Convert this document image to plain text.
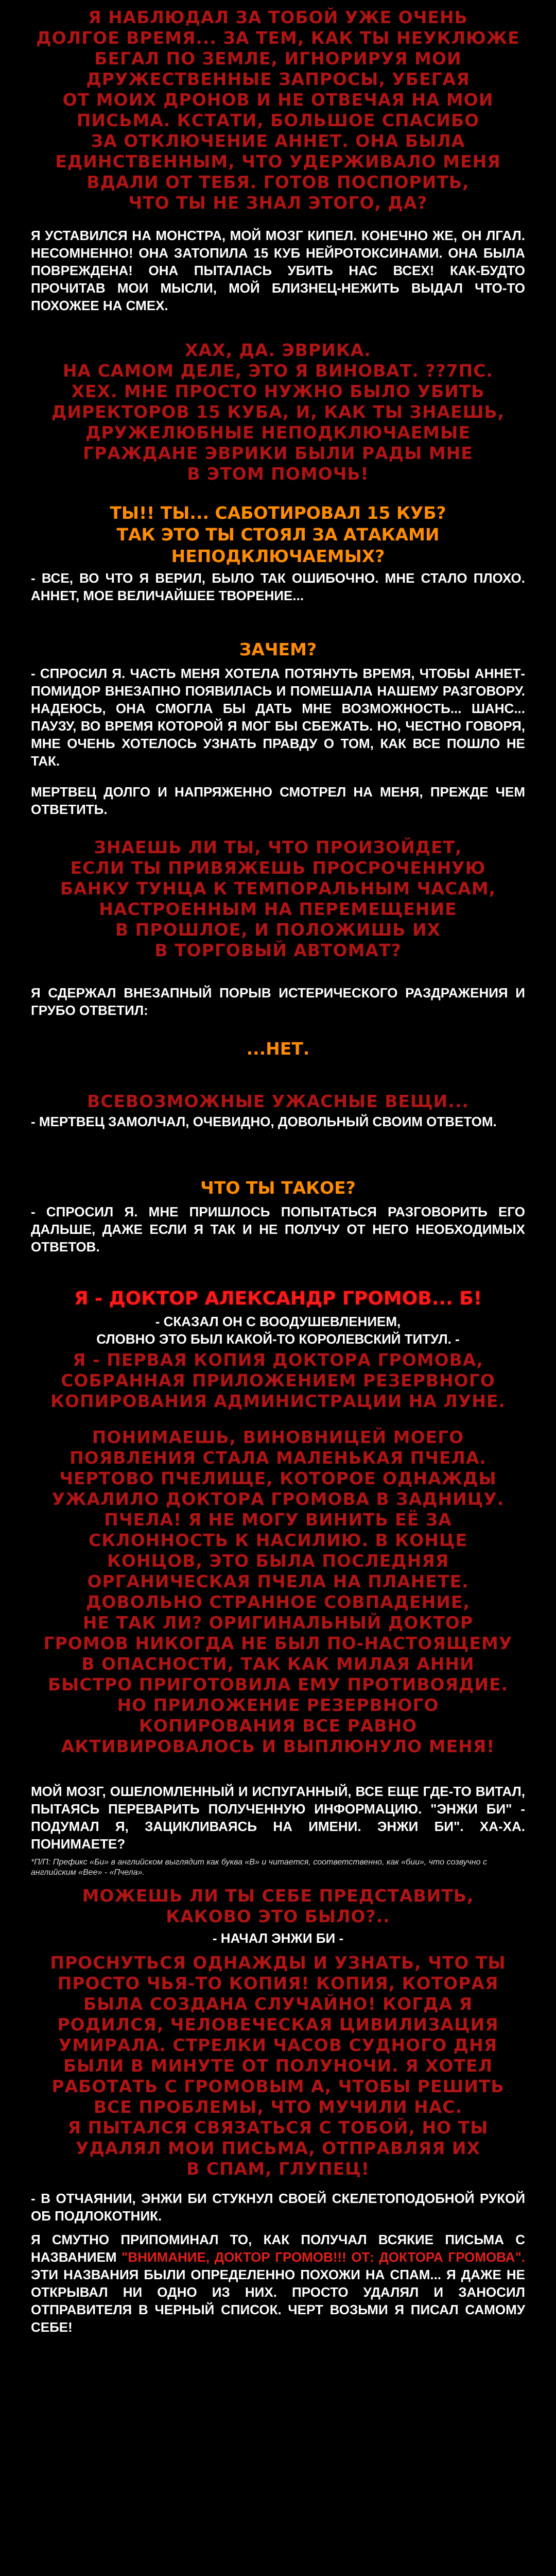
Я НАБЛЮДАЛ ЗА ТОБОЙ УЖЕ ОЧЕНЬ
ДОЛГОЕ ВРЕМЯ... ЗА ТЕМ, КАК ТЫ НЕУКЛЮЖЕ
БЕГАЛ ПО ЗЕМЛЕ, ИГНОРИРУЯ МОИ
ДРУЖЕСТВЕННЫЕ ЗАПРОСЫ, УБЕГАЯ
ОТ МОИХ ДРОНОВ И НЕ ОТВЕЧАЯ НА МОИ
ПИСЬМА. КСТАТИ, БОЛЬШОЕ СПАСИБО
ЗА ОТКЛЮЧЕНИЕ АННЕТ. ОНА БЫЛА
ЕДИНСТВЕННЫМ, ЧТО УДЕРЖИВАЛО МЕНЯ
ВДАЛИ ОТ ТЕБЯ. ГОТОВ ПОСПОРИТЬ,
ЧТО ТЫ НЕ ЗНАЛ ЭТОГО, ДА?
Я УСТАВИЛСЯ НА МОНСТРА, МОЙ МОЗГ КИПЕЛ. КОНЕЧНО ЖЕ, ОН ЛГАЛ. НЕСОМНЕННО! ОНА ЗАТОПИЛА 15 КУБ НЕЙРОТОКСИНАМИ. ОНА БЫЛА ПОВРЕЖДЕНА! ОНА ПЫТАЛАСЬ УБИТЬ НАС ВСЕХ! КАК-БУДТО ПРОЧИТАВ МОИ МЫСЛИ, МОЙ БЛИЗНЕЦ-НЕЖИТЬ ВЫДАЛ ЧТО-ТО ПОХОЖЕЕ НА СМЕХ.
ХАХ, ДА. ЭВРИКА.
НА САМОМ ДЕЛЕ, ЭТО Я ВИНОВАТ. ??7ПС.
ХЕХ. МНЕ ПРОСТО НУЖНО БЫЛО УБИТЬ
ДИРЕКТОРОВ 15 КУБА, И, КАК ТЫ ЗНАЕШЬ,
ДРУЖЕЛЮБНЫЕ НЕПОДКЛЮЧАЕМЫЕ
ГРАЖДАНЕ ЭВРИКИ БЫЛИ РАДЫ МНЕ
В ЭТОМ ПОМОЧЬ!
ТЫ!! ТЫ... САБОТИРОВАЛ 15 КУБ?
ТАК ЭТО ТЫ СТОЯЛ ЗА АТАКАМИ
НЕПОДКЛЮЧАЕМЫХ?
- ВСЕ, ВО ЧТО Я ВЕРИЛ, БЫЛО ТАК ОШИБОЧНО. МНЕ СТАЛО ПЛОХО. АННЕТ, МОЕ ВЕЛИЧАЙШЕЕ ТВОРЕНИЕ...
ЗАЧЕМ?
- СПРОСИЛ Я. ЧАСТЬ МЕНЯ ХОТЕЛА ПОТЯНУТЬ ВРЕМЯ, ЧТОБЫ АННЕТ-ПОМИДОР ВНЕЗАПНО ПОЯВИЛАСЬ И ПОМЕШАЛА НАШЕМУ РАЗГОВОРУ. НАДЕЮСЬ, ОНА СМОГЛА БЫ ДАТЬ МНЕ ВОЗМОЖНОСТЬ... ШАНС... ПАУЗУ, ВО ВРЕМЯ КОТОРОЙ Я МОГ БЫ СБЕЖАТЬ. НО, ЧЕСТНО ГОВОРЯ, МНЕ ОЧЕНЬ ХОТЕЛОСЬ УЗНАТЬ ПРАВДУ О ТОМ, КАК ВСЕ ПОШЛО НЕ ТАК.
МЕРТВЕЦ ДОЛГО И НАПРЯЖЕННО СМОТРЕЛ НА МЕНЯ, ПРЕЖДЕ ЧЕМ ОТВЕТИТЬ.
ЗНАЕШЬ ЛИ ТЫ, ЧТО ПРОИЗОЙДЕТ,
ЕСЛИ ТЫ ПРИВЯЖЕШЬ ПРОСРОЧЕННУЮ
БАНКУ ТУНЦА К ТЕМПОРАЛЬНЫМ ЧАСАМ,
НАСТРОЕННЫМ НА ПЕРЕМЕЩЕНИЕ
В ПРОШЛОЕ, И ПОЛОЖИШЬ ИХ
В ТОРГОВЫЙ АВТОМАТ?
Я СДЕРЖАЛ ВНЕЗАПНЫЙ ПОРЫВ ИСТЕРИЧЕСКОГО РАЗДРАЖЕНИЯ И ГРУБО ОТВЕТИЛ:
...НЕТ.
ВСЕВОЗМОЖНЫЕ УЖАСНЫЕ ВЕЩИ...
- МЕРТВЕЦ ЗАМОЛЧАЛ, ОЧЕВИДНО, ДОВОЛЬНЫЙ СВОИМ ОТВЕТОМ.
ЧТО ТЫ ТАКОЕ?
- СПРОСИЛ Я. МНЕ ПРИШЛОСЬ ПОПЫТАТЬСЯ РАЗГОВОРИТЬ ЕГО ДАЛЬШЕ, ДАЖЕ ЕСЛИ Я ТАК И НЕ ПОЛУЧУ ОТ НЕГО НЕОБХОДИМЫХ ОТВЕТОВ.
Я - ДОКТОР АЛЕКСАНДР ГРОМОВ... Б!
- СКАЗАЛ ОН С ВООДУШЕВЛЕНИЕМ,
СЛОВНО ЭТО БЫЛ КАКОЙ-ТО КОРОЛЕВСКИЙ ТИТУЛ. -
Я - ПЕРВАЯ КОПИЯ ДОКТОРА ГРОМОВА,
СОБРАННАЯ ПРИЛОЖЕНИЕМ РЕЗЕРВНОГО
КОПИРОВАНИЯ АДМИНИСТРАЦИИ НА ЛУНЕ.
ПОНИМАЕШЬ, ВИНОВНИЦЕЙ МОЕГО
ПОЯВЛЕНИЯ СТАЛА МАЛЕНЬКАЯ ПЧЕЛА.
ЧЕРТОВО ПЧЕЛИЩЕ, КОТОРОЕ ОДНАЖДЫ
УЖАЛИЛО ДОКТОРА ГРОМОВА В ЗАДНИЦУ.
ПЧЕЛА! Я НЕ МОГУ ВИНИТЬ ЕЁ ЗА
СКЛОННОСТЬ К НАСИЛИЮ. В КОНЦЕ
КОНЦОВ, ЭТО БЫЛА ПОСЛЕДНЯЯ
ОРГАНИЧЕСКАЯ ПЧЕЛА НА ПЛАНЕТЕ.
ДОВОЛЬНО СТРАННОЕ СОВПАДЕНИЕ,
НЕ ТАК ЛИ? ОРИГИНАЛЬНЫЙ ДОКТОР
ГРОМОВ НИКОГДА НЕ БЫЛ ПО-НАСТОЯЩЕМУ
В ОПАСНОСТИ, ТАК КАК МИЛАЯ АННИ
БЫСТРО ПРИГОТОВИЛА ЕМУ ПРОТИВОЯДИЕ.
НО ПРИЛОЖЕНИЕ РЕЗЕРВНОГО
КОПИРОВАНИЯ ВСЕ РАВНО
АКТИВИРОВАЛОСЬ И ВЫПЛЮНУЛО МЕНЯ!
МОЙ МОЗГ, ОШЕЛОМЛЕННЫЙ И ИСПУГАННЫЙ, ВСЕ ЕЩЕ ГДЕ-ТО ВИТАЛ, ПЫТАЯСЬ ПЕРЕВАРИТЬ ПОЛУЧЕННУЮ ИНФОРМАЦИЮ. "ЭНЖИ БИ" - ПОДУМАЛ Я, ЗАЦИКЛИВАЯСЬ НА ИМЕНИ. ЭНЖИ БИ". ХА-ХА. ПОНИМАЕТЕ?
*П/П: Префикс «Би» в английском выглядит как буква «В» и читается, соответственно, как «бии», что созвучно с английским «Bee» - «Пчела».
МОЖЕШЬ ЛИ ТЫ СЕБЕ ПРЕДСТАВИТЬ,
КАКОВО ЭТО БЫЛО?..
- НАЧАЛ ЭНЖИ БИ -
ПРОСНУТЬСЯ ОДНАЖДЫ И УЗНАТЬ, ЧТО ТЫ
ПРОСТО ЧЬЯ-ТО КОПИЯ! КОПИЯ, КОТОРАЯ
БЫЛА СОЗДАНА СЛУЧАЙНО! КОГДА Я
РОДИЛСЯ, ЧЕЛОВЕЧЕСКАЯ ЦИВИЛИЗАЦИЯ
УМИРАЛА. СТРЕЛКИ ЧАСОВ СУДНОГО ДНЯ
БЫЛИ В МИНУТЕ ОТ ПОЛУНОЧИ. Я ХОТЕЛ
РАБОТАТЬ С ГРОМОВЫМ А, ЧТОБЫ РЕШИТЬ
ВСЕ ПРОБЛЕМЫ, ЧТО МУЧИЛИ НАС.
Я ПЫТАЛСЯ СВЯЗАТЬСЯ С ТОБОЙ, НО ТЫ
УДАЛЯЛ МОИ ПИСЬМА, ОТПРАВЛЯЯ ИХ
В СПАМ, ГЛУПЕЦ!
- В ОТЧАЯНИИ, ЭНЖИ БИ СТУКНУЛ СВОЕЙ СКЕЛЕТОПОДОБНОЙ РУКОЙ ОБ ПОДЛОКОТНИК.
Я СМУТНО ПРИПОМИНАЛ ТО, КАК ПОЛУЧАЛ ВСЯКИЕ ПИСЬМА С НАЗВАНИЕМ "ВНИМАНИЕ, ДОКТОР ГРОМОВ!!! ОТ: ДОКТОРА ГРОМОВА". ЭТИ НАЗВАНИЯ БЫЛИ ОПРЕДЕЛЕННО ПОХОЖИ НА СПАМ... Я ДАЖЕ НЕ ОТКРЫВАЛ НИ ОДНО ИЗ НИХ. ПРОСТО УДАЛЯЛ И ЗАНОСИЛ ОТПРАВИТЕЛЯ В ЧЕРНЫЙ СПИСОК. ЧЕРТ ВОЗЬМИ Я ПИСАЛ САМОМУ СЕБЕ!
